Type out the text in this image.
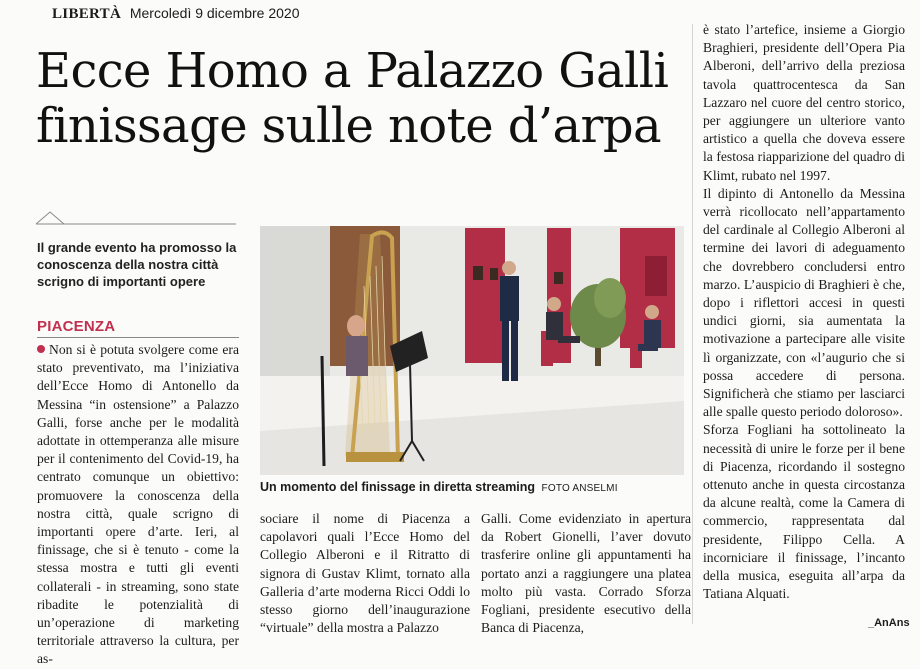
LIBERTÀ Mercoledì 9 dicembre 2020
Ecce Homo a Palazzo Galli
finissage sulle note d’arpa

Il grande evento ha promosso la conoscenza della nostra città scrigno di importanti opere

PIACENZA

Non si è potuta svolgere come era stato preventivato, ma l’iniziativa dell’Ecce Homo di Antonello da Messina “in ostensione” a Palazzo Galli, forse anche per le modalità adottate in ottemperanza alle misure per il contenimento del Covid-19, ha centrato comunque un obiettivo: promuovere la conoscenza della nostra città, quale scrigno di importanti opere d’arte. Ieri, al finissage, che si è tenuto - come la stessa mostra e tutti gli eventi collaterali - in streaming, sono state ribadite le potenzialità di un’operazione di marketing territoriale attraverso la cultura, per as-

Un momento del finissage in diretta streaming FOTO ANSELMI

sociare il nome di Piacenza a capolavori quali l’Ecce Homo del Collegio Alberoni e il Ritratto di signora di Gustav Klimt, tornato alla Galleria d’arte moderna Ricci Oddi lo stesso giorno dell’inaugurazione “virtuale” della mostra a Palazzo

Galli. Come evidenziato in apertura da Robert Gionelli, l’aver dovuto trasferire online gli appuntamenti ha portato anzi a raggiungere una platea molto più vasta. Corrado Sforza Fogliani, presidente esecutivo della Banca di Piacenza,

è stato l’artefice, insieme a Giorgio Braghieri, presidente dell’Opera Pia Alberoni, dell’arrivo della preziosa tavola quattrocentesca da San Lazzaro nel cuore del centro storico, per aggiungere un ulteriore vanto artistico a quella che doveva essere la festosa riapparizione del quadro di Klimt, rubato nel 1997.

Il dipinto di Antonello da Messina verrà ricollocato nell’appartamento del cardinale al Collegio Alberoni al termine dei lavori di adeguamento che dovrebbero concludersi entro marzo. L’auspicio di Braghieri è che, dopo i riflettori accesi in questi undici giorni, sia aumentata la motivazione a partecipare alle visite lì organizzate, con «l’augurio che si possa accedere di persona. Significherà che stiamo per lasciarci alle spalle questo periodo doloroso».

Sforza Fogliani ha sottolineato la necessità di unire le forze per il bene di Piacenza, ricordando il sostegno ottenuto anche in questa circostanza da alcune realtà, come la Camera di commercio, rappresentata dal presidente, Filippo Cella. A incorniciare il finissage, l’incanto della musica, eseguita all’arpa da Tatiana Alquati.

_AnAns
